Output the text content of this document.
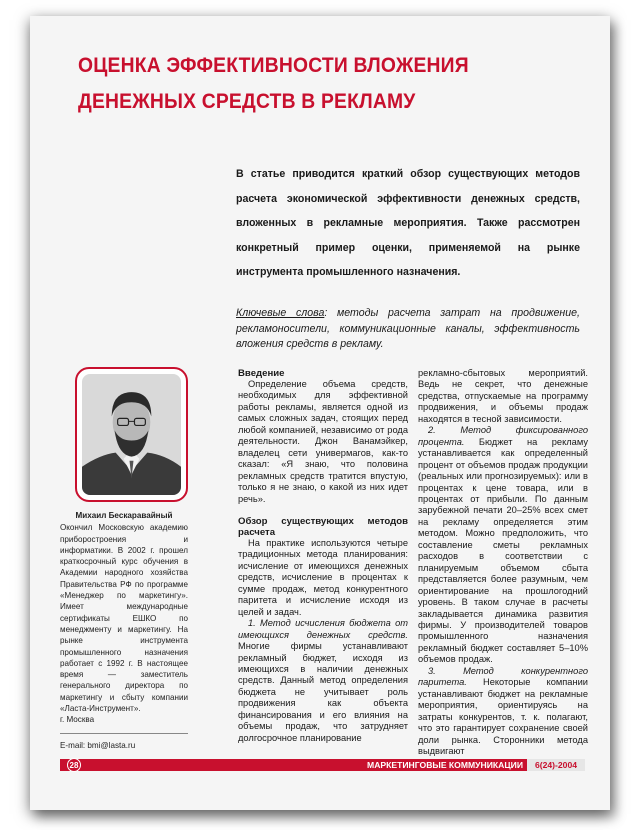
ОЦЕНКА ЭФФЕКТИВНОСТИ ВЛОЖЕНИЯ
ДЕНЕЖНЫХ СРЕДСТВ В РЕКЛАМУ

В статье приводится краткий обзор существующих методов расчета экономической эффективности денежных средств, вложенных в рекламные мероприятия. Также рассмотрен конкретный пример оценки, применяемой на рынке инструмента промышленного назначения.

Ключевые слова: методы расчета затрат на продвижение, рекламоносители, коммуникационные каналы, эффективность вложения средств в рекламу.

Михаил Бескаравайный

Окончил Московскую академию приборостроения и информатики. В 2002 г. прошел краткосрочный курс обучения в Академии народного хозяйства Правительства РФ по программе «Менеджер по маркетингу». Имеет международные сертификаты ЕШКО по менеджменту и маркетингу. На рынке инструмента промышленного назначения работает с 1992 г. В настоящее время — заместитель генерального директора по маркетингу и сбыту компании «Ласта-Инструмент».

г. Москва
E-mail: bmi@lasta.ru
Введение

Определение объема средств, необходимых для эффективной работы рекламы, является одной из самых сложных задач, стоящих перед любой компанией, независимо от рода деятельности. Джон Ванамэйкер, владелец сети универмагов, как-то сказал: «Я знаю, что половина рекламных средств тратится впустую, только я не знаю, о какой из них идет речь».

Обзор существующих методов расчета

На практике используются четыре традиционных метода планирования: исчисление от имеющихся денежных средств, исчисление в процентах к сумме продаж, метод конкурентного паритета и исчисление исходя из целей и задач.

1. Метод исчисления бюджета от имеющихся денежных средств. Многие фирмы устанавливают рекламный бюджет, исходя из имеющихся в наличии денежных средств. Данный метод определения бюджета не учитывает роль продвижения как объекта финансирования и его влияния на объемы продаж, что затрудняет долгосрочное планирование

рекламно-сбытовых мероприятий. Ведь не секрет, что денежные средства, отпускаемые на программу продвижения, и объемы продаж находятся в тесной зависимости.

2. Метод фиксированного процента. Бюджет на рекламу устанавливается как определенный процент от объемов продаж продукции (реальных или прогнозируемых): или в процентах к цене товара, или в процентах от прибыли. По данным зарубежной печати 20–25% всех смет на рекламу определяется этим методом. Можно предположить, что составление сметы рекламных расходов в соответствии с планируемым объемом сбыта представляется более разумным, чем ориентирование на прошлогодний уровень. В таком случае в расчеты закладывается динамика развития фирмы. У производителей товаров промышленного назначения рекламный бюджет составляет 5–10% объемов продаж.

3. Метод конкурентного паритета. Некоторые компании устанавливают бюджет на рекламные мероприятия, ориентируясь на затраты конкурентов, т. к. полагают, что это гарантирует сохранение своей доли рынка. Сторонники метода выдвигают

28	МАРКЕТИНГОВЫЕ КОММУНИКАЦИИ	6(24)-2004
